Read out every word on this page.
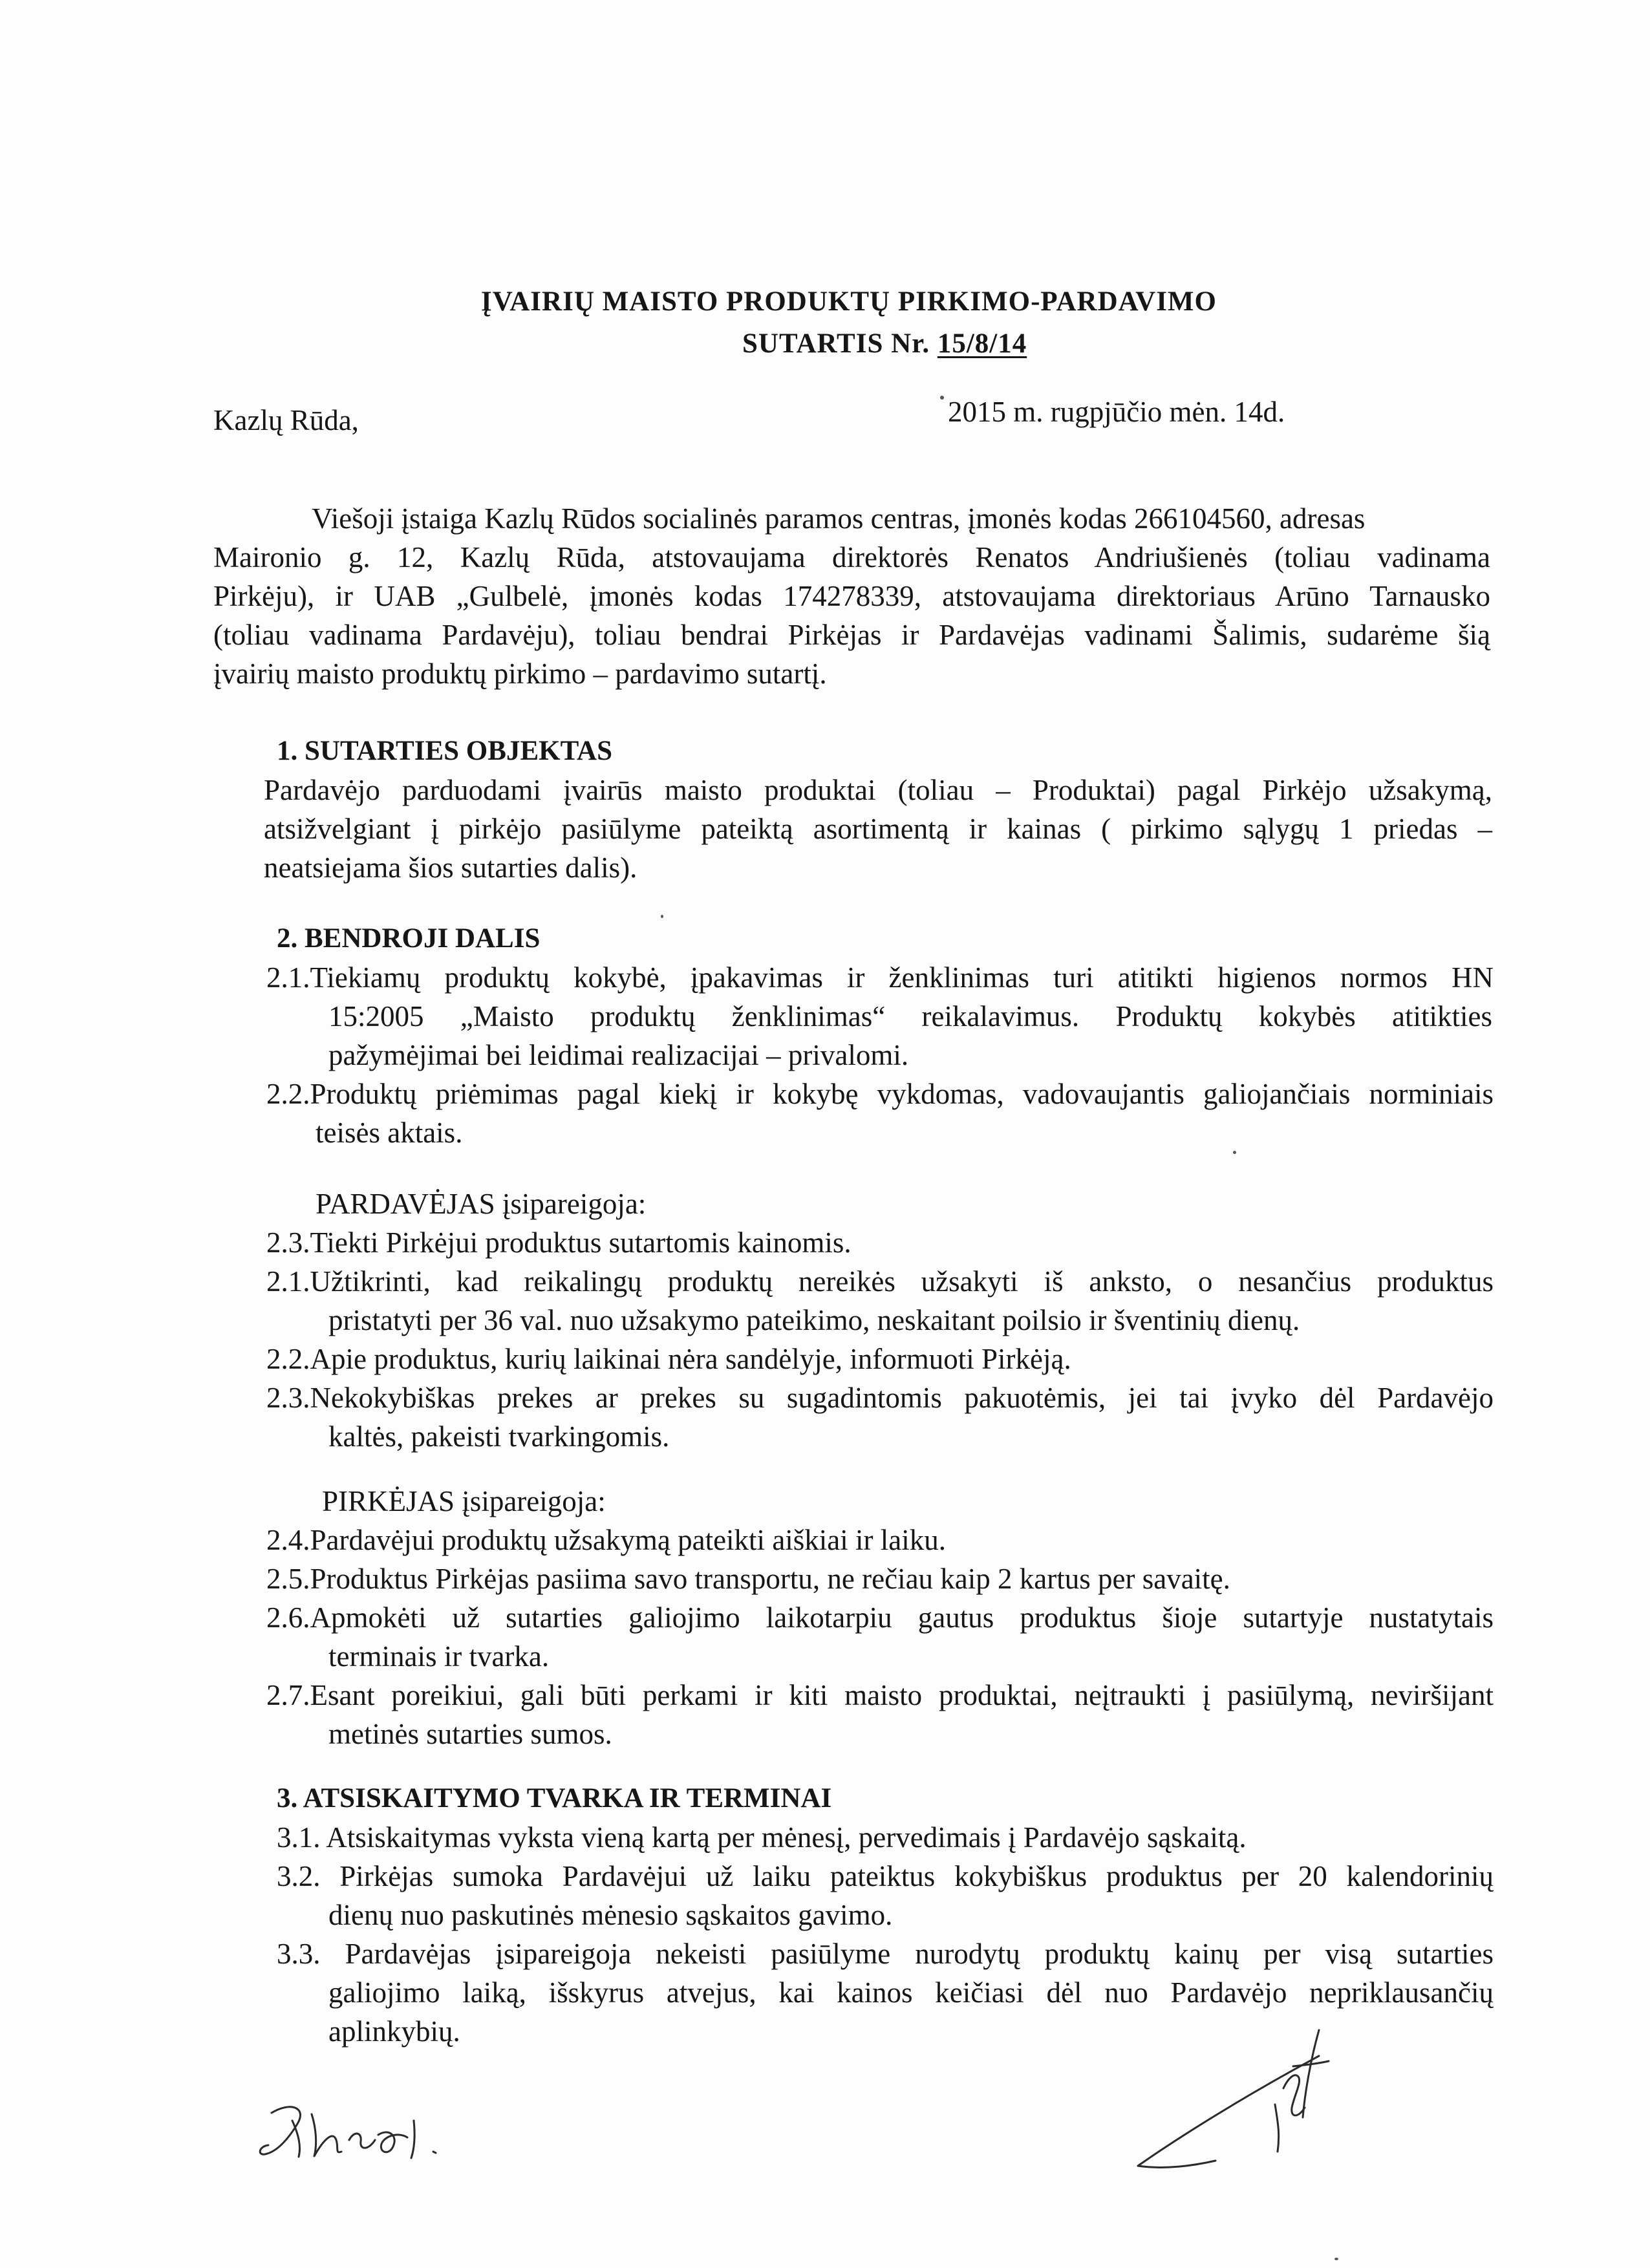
ĮVAIRIŲ MAISTO PRODUKTŲ PIRKIMO-PARDAVIMO
SUTARTIS Nr. 15/8/14
Kazlų Rūda,	2015 m. rugpjūčio mėn. 14d.
Viešoji įstaiga Kazlų Rūdos socialinės paramos centras, įmonės kodas 266104560, adresas
Maironio g. 12, Kazlų Rūda, atstovaujama direktorės Renatos Andriušienės (toliau vadinama
Pirkėju), ir UAB „Gulbelė, įmonės kodas 174278339, atstovaujama direktoriaus Arūno Tarnausko
(toliau vadinama Pardavėju), toliau bendrai Pirkėjas ir Pardavėjas vadinami Šalimis, sudarėme šią
įvairių maisto produktų pirkimo – pardavimo sutartį.
1. SUTARTIES OBJEKTAS
Pardavėjo parduodami įvairūs maisto produktai (toliau – Produktai) pagal Pirkėjo užsakymą,
atsižvelgiant į pirkėjo pasiūlyme pateiktą asortimentą ir kainas ( pirkimo sąlygų 1 priedas –
neatsiejama šios sutarties dalis).
2. BENDROJI DALIS
2.1.Tiekiamų produktų kokybė, įpakavimas ir ženklinimas turi atitikti higienos normos HN
15:2005 „Maisto produktų ženklinimas“ reikalavimus. Produktų kokybės atitikties
pažymėjimai bei leidimai realizacijai – privalomi.
2.2.Produktų priėmimas pagal kiekį ir kokybę vykdomas, vadovaujantis galiojančiais norminiais
teisės aktais.
PARDAVĖJAS įsipareigoja:
2.3.Tiekti Pirkėjui produktus sutartomis kainomis.
2.1.Užtikrinti, kad reikalingų produktų nereikės užsakyti iš anksto, o nesančius produktus
pristatyti per 36 val. nuo užsakymo pateikimo, neskaitant poilsio ir šventinių dienų.
2.2.Apie produktus, kurių laikinai nėra sandėlyje, informuoti Pirkėją.
2.3.Nekokybiškas prekes ar prekes su sugadintomis pakuotėmis, jei tai įvyko dėl Pardavėjo
kaltės, pakeisti tvarkingomis.
PIRKĖJAS įsipareigoja:
2.4.Pardavėjui produktų užsakymą pateikti aiškiai ir laiku.
2.5.Produktus Pirkėjas pasiima savo transportu, ne rečiau kaip 2 kartus per savaitę.
2.6.Apmokėti už sutarties galiojimo laikotarpiu gautus produktus šioje sutartyje nustatytais
terminais ir tvarka.
2.7.Esant poreikiui, gali būti perkami ir kiti maisto produktai, neįtraukti į pasiūlymą, neviršijant
metinės sutarties sumos.
3. ATSISKAITYMO TVARKA IR TERMINAI
3.1. Atsiskaitymas vyksta vieną kartą per mėnesį, pervedimais į Pardavėjo sąskaitą.
3.2. Pirkėjas sumoka Pardavėjui už laiku pateiktus kokybiškus produktus per 20 kalendorinių
dienų nuo paskutinės mėnesio sąskaitos gavimo.
3.3. Pardavėjas įsipareigoja nekeisti pasiūlyme nurodytų produktų kainų per visą sutarties
galiojimo laiką, išskyrus atvejus, kai kainos keičiasi dėl nuo Pardavėjo nepriklausančių
aplinkybių.
